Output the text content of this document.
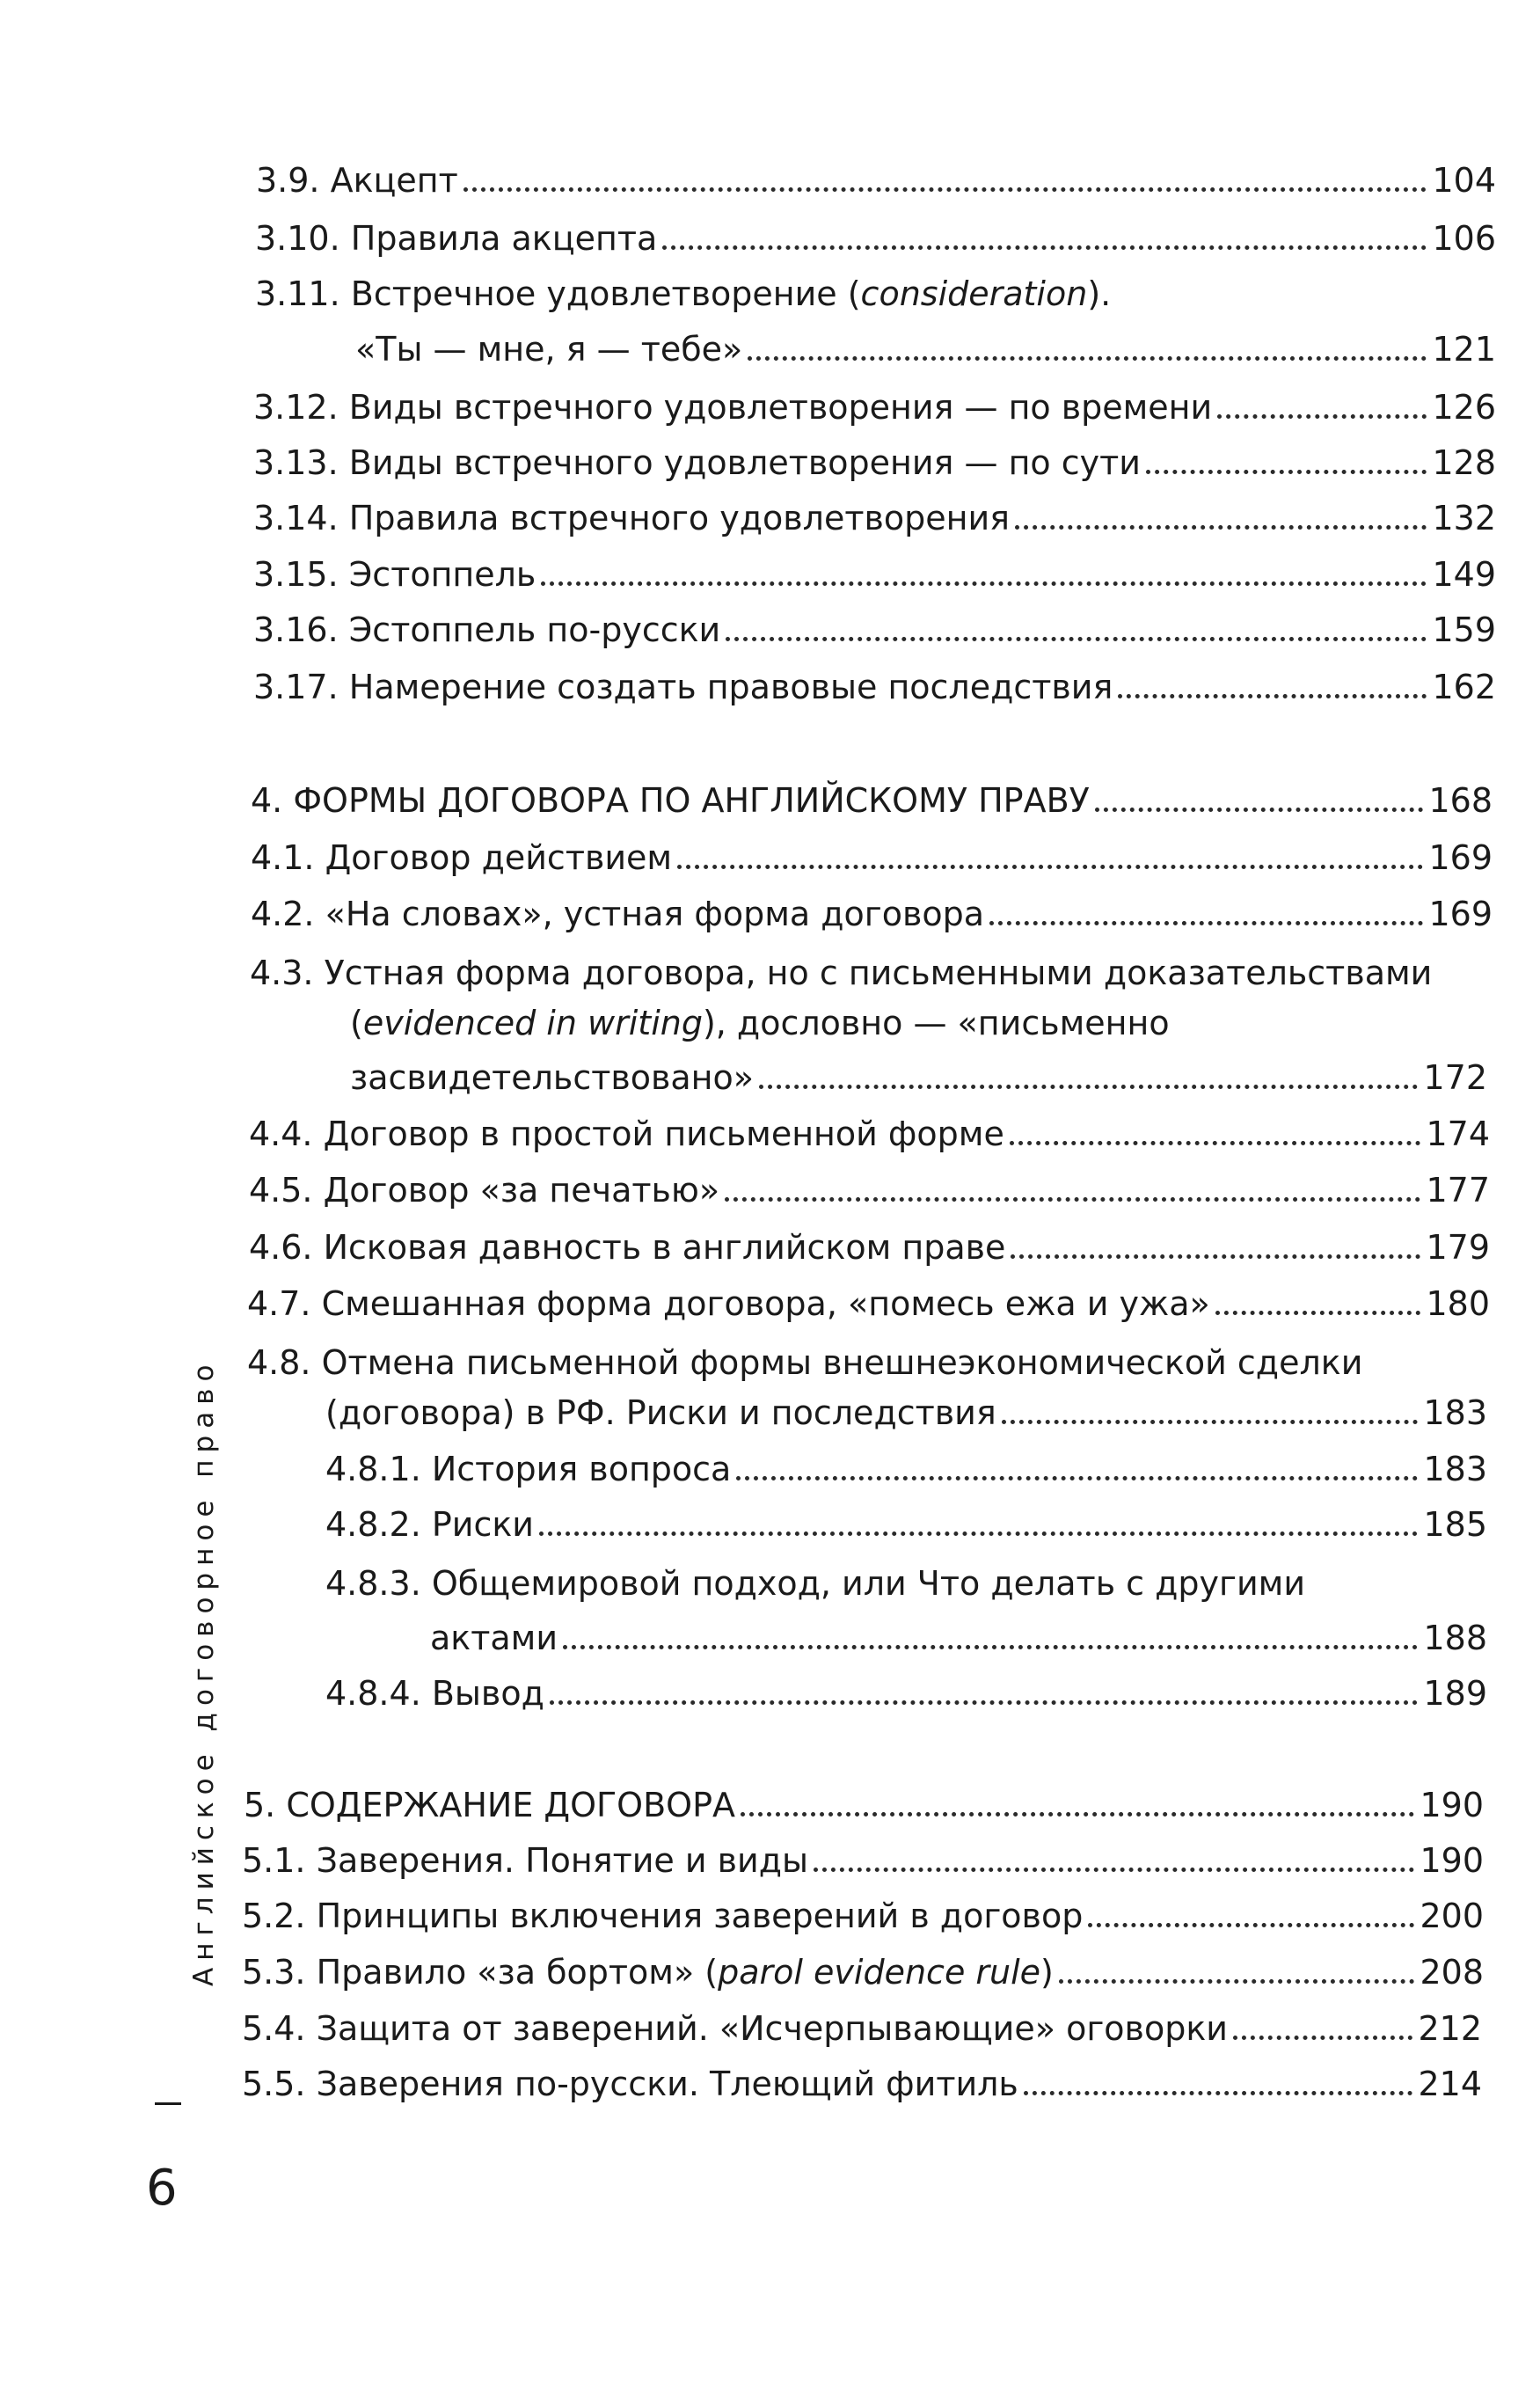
3.9. Акцепт	104
3.10. Правила акцепта	106
3.11. Встречное удовлетворение (consideration).
«Ты — мне, я — тебе»	121
3.12. Виды встречного удовлетворения — по времени	126
3.13. Виды встречного удовлетворения — по сути	128
3.14. Правила встречного удовлетворения	132
3.15. Эстоппель	149
3.16. Эстоппель по-русски	159
3.17. Намерение создать правовые последствия	162
4. ФОРМЫ ДОГОВОРА ПО АНГЛИЙСКОМУ ПРАВУ	168
4.1. Договор действием	169
4.2. «На словах», устная форма договора	169
4.3. Устная форма договора, но с письменными доказательствами
(evidenced in writing), дословно — «письменно
засвидетельствовано»	172
4.4. Договор в простой письменной форме	174
4.5. Договор «за печатью»	177
4.6. Исковая давность в английском праве	179
4.7. Смешанная форма договора, «помесь ежа и ужа»	180
4.8. Отмена письменной формы внешнеэкономической сделки
(договора) в РФ. Риски и последствия	183
4.8.1. История вопроса	183
4.8.2. Риски	185
4.8.3. Общемировой подход, или Что делать с другими
актами	188
4.8.4. Вывод	189
5. СОДЕРЖАНИЕ ДОГОВОРА	190
5.1. Заверения. Понятие и виды	190
5.2. Принципы включения заверений в договор	200
5.3. Правило «за бортом» (parol evidence rule)	208
5.4. Защита от заверений. «Исчерпывающие» оговорки	212
5.5. Заверения по-русски. Тлеющий фитиль	214
Английское договорное право
6
